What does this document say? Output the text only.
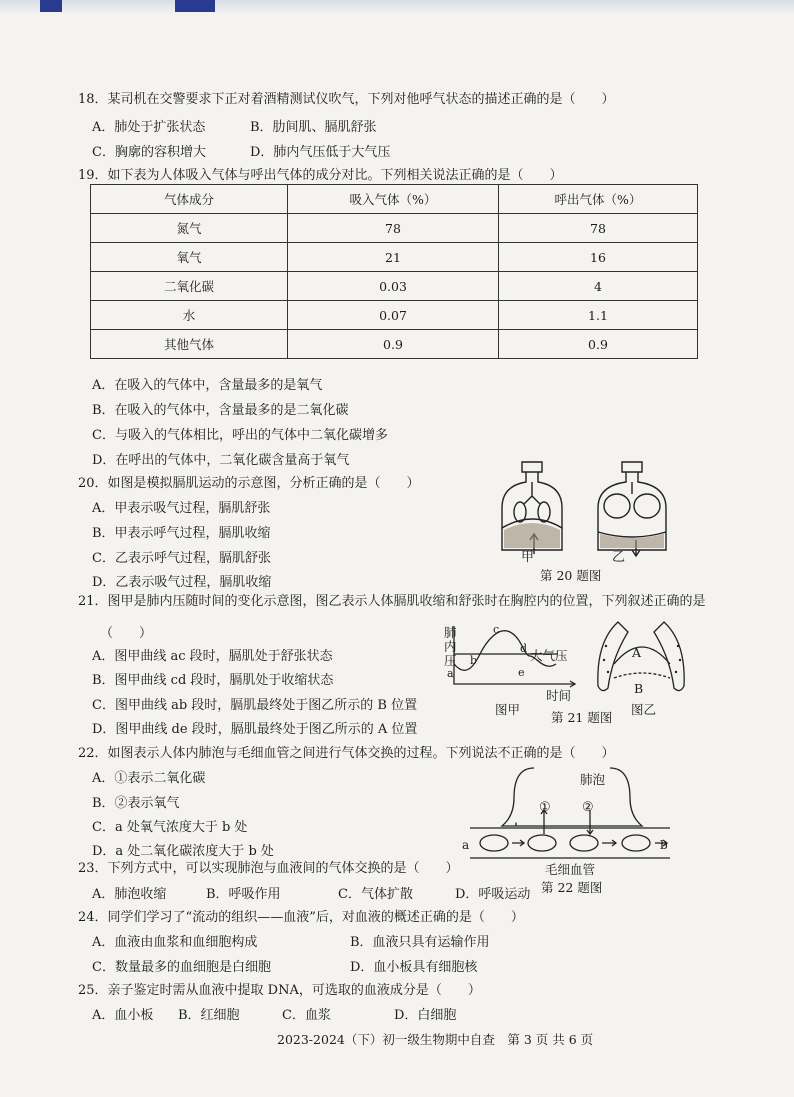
18．某司机在交警要求下正对着酒精测试仪吹气，下列对他呼气状态的描述正确的是（　　）
A．肺处于扩张状态	B．肋间肌、膈肌舒张
C．胸廓的容积增大	D．肺内气压低于大气压
19．如下表为人体吸入气体与呼出气体的成分对比。下列相关说法正确的是（　　）
气体成分	吸入气体（%）	呼出气体（%）
氮气	78	78
氧气	21	16
二氧化碳	0.03	4
水	0.07	1.1
其他气体	0.9	0.9
A．在吸入的气体中，含量最多的是氧气
B．在吸入的气体中，含量最多的是二氧化碳
C．与吸入的气体相比，呼出的气体中二氧化碳增多
D．在呼出的气体中，二氧化碳含量高于氧气
20．如图是模拟膈肌运动的示意图，分析正确的是（　　）
A．甲表示吸气过程，膈肌舒张
B．甲表示呼气过程，膈肌收缩
C．乙表示呼气过程，膈肌舒张
D．乙表示吸气过程，膈肌收缩
甲	乙
第 20 题图
21．图甲是肺内压随时间的变化示意图，图乙表示人体膈肌收缩和舒张时在胸腔内的位置，下列叙述正确的是
（　　）
A．图甲曲线 ac 段时，膈肌处于舒张状态
B．图甲曲线 cd 段时，膈肌处于收缩状态
C．图甲曲线 ab 段时，膈肌最终处于图乙所示的 B 位置
D．图甲曲线 de 段时，膈肌最终处于图乙所示的 A 位置
肺
内
压
a
b
c
d
e
大气压
时间
图甲
第 21 题图
A
B
图乙
22．如图表示人体内肺泡与毛细血管之间进行气体交换的过程。下列说法不正确的是（　　）
A．①表示二氧化碳
B．②表示氧气
C．a 处氧气浓度大于 b 处
D．a 处二氧化碳浓度大于 b 处
肺泡
① ②
a	b
毛细血管
第 22 题图
23．下列方式中，可以实现肺泡与血液间的气体交换的是（　　）
A．肺泡收缩	B．呼吸作用	C．气体扩散	D．呼吸运动
24．同学们学习了“流动的组织——血液”后，对血液的概述正确的是（　　）
A．血液由血浆和血细胞构成	B．血液只具有运输作用
C．数量最多的血细胞是白细胞	D．血小板具有细胞核
25．亲子鉴定时需从血液中提取 DNA，可选取的血液成分是（　　）
A．血小板 B．红细胞	C．血浆	D．白细胞
2023-2024（下）初一级生物期中自查　第 3 页 共 6 页
